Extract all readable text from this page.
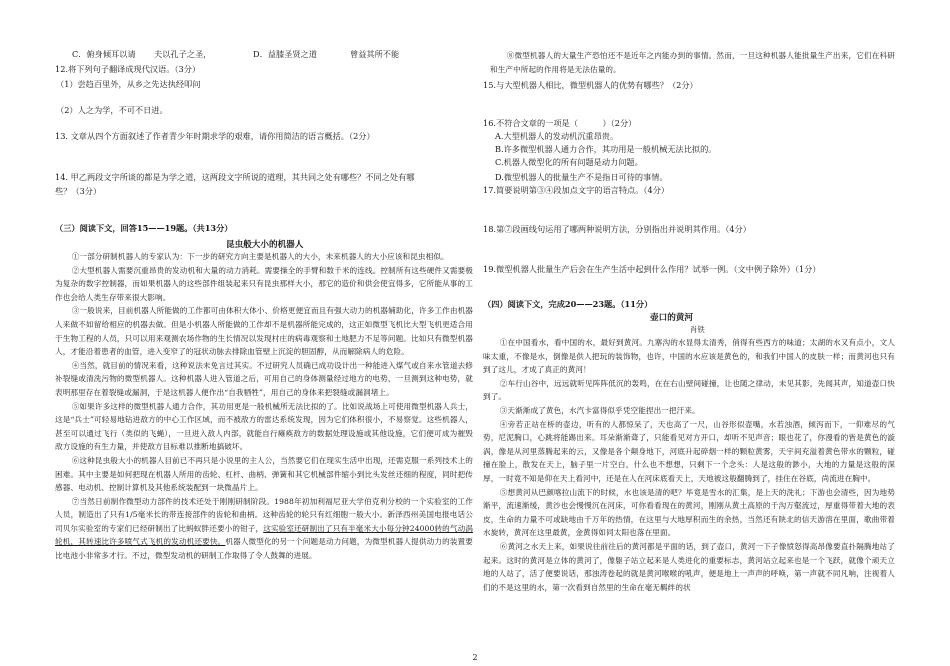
C．俯身倾耳以请 夫以孔子之圣，	D．益膝圣贤之道	曾益其所不能
12.将下列句子翻译成现代汉语。（3分）
（1）尝趋百里外，从乡之先达执经叩问
（2）人之为学，不可不日进。
13. 文章从四个方面叙述了作者青少年时期求学的艰难，请你用简洁的语言概括。（2分）
14. 甲乙两段文字所谈的都是为学之道，这两段文字所说的道理，其共同之处有哪些？不同之处有哪
些？（3分）
（三）阅读下文，回答15——19题。（共13分）
昆虫般大小的机器人

①一部分研制机器人的专家认为：下一步的研究方向主要是机器人的大小，未来机器人的大小应该和昆虫相似。

②大型机器人需要沉重昂贵的发动机和大量的动力消耗。需要操全的手臂和数千米的连线。控制所有这些硬件又需要极为复杂的数字控制器，而如果机器人的这些部件组装起来只有昆虫那样大小，那它的造价和供会使宜得多，它所能从事的工作也会给人类生存带来很大影响。

③一般说来，目前机器人所能做的工作都可由体积大体小、价格更便宜而且有强大动力的机器辅助化，许多工作由机器人来做不如留给相应的机器去做。但是小机器人所能做的工作却不是机器所能完成的，这正如微型飞机比大型飞机更适合用于生物工程的人员，只可以用来观测农场作物的生长情况以发现村庄的病毒观察和土地肥力不足等问题。比如只有微型机器人，才能沿着患者的血管，进入变窄了的冠状动脉去排除血管壁上沉淀的胆固醇，从而解除病人的危险。

④当然，就目前的情况来看，这种说法未免言过其实。不过研究人员确已成功设计出一种能进入煤气或自来水管道去修补裂缝或清洗污物的微型机器人。这种机器人进入管道之后，可用自己的身体测量经过地方的电势，一旦测到这种电势，就表明那里存在着裂缝或漏洞，于是这机器人便作出“自我牺牲”，用自己的身体来把裂缝或漏洞堵上。

⑤如果许多这样的微型机器人通力合作，其功用更是一般机械所无法比拟的了。比如说战场上可使用微型机器人兵士，这是“兵士”可轻易地钻进敌方的中心工作区域，而不被敌方的雷达系统发现，因为它们体积很小，不易察觉。这些机器人，甚至可以通过飞行（类似的飞蝇），一旦进入敌人内部，就能自行瘫痪敌方的数据处理设施或其他设施，它们便可成为摧毁敌方设施的有生力量，并使敌方目标难以推断地搞破坏。

⑥这种昆虫般大小的机器人目前已不再只是小说里的主人公，当然要它们在现实生活中出现，还需克服一系列技术上的困难。其中主要是如何把现在机器人所用的齿轮、杠杆、曲柄、弹簧和其它机械部件缩小到比头发丝还细的程度，同时把传感器、电动机、控制计算机及其他系统装配到一块微晶片上。

⑦当然日前制作微型动力部件的技术还处于刚刚研制阶段。1988年初加利福尼亚大学伯克利分校的一个实验室的工作人员，制造出了只有1/5毫米长的带连接部件的齿轮和曲柄。这种齿轮的轮只有红细胞一般大小。新泽西州美国电报电话公司贝尔实验室的专家们已经研制出了比蚂蚁胖还要小的钳子，这实验室还研制出了只有半毫米大小每分钟24000转的气动涡轮机，其转速比许多喷气式飞机的发动机还要快。机器人微型化的另一个问题是动力问题，为微型机器人提供动力的装置要比电池小非常多才行。不过，微型发动机的研制工作取得了令人鼓舞的进展。

⑧微型机器人的大量生产恐怕还不是近年之内能办到的事情。然而，一旦这种机器人能批量生产出来，它们在科研和生产中所起的作用将是无法估量的。

15.与大型机器人相比，微型机器人的优势有哪些？（2分）
16.不符合文章的一项是（　　　）（2分）
A.大型机器人的发动机沉重昂贵。
B.许多微型机器人通力合作，其功用是一般机械无法比拟的。
C.机器人微型化的所有问题是动力问题。
D.微型机器人的批量生产不是指日可待的事情。
17.简要说明第③④段加点文字的语言特点。（4分）
18.第⑦段画线句运用了哪两种说明方法，分别指出并说明其作用。（4分）
19.微型机器人批量生产后会在生产生活中起到什么作用？试举一例。（文中例子除外）（1分）
（四）阅读下文，完成20——23题。（11分）
壶口的黄河
肖铁

①在中国看水，看中国的水，最好到黄河。九寨沟的水显得太清秀，俏得有些西方的味道；太湖的水又有点小，文人味太重，不像是水，倒像是供人把玩的装饰物，也许，中国的水应该是黄色的，和我们中国人的皮肤一样；而黄河也只有到了这儿，才成了真正的黄河！

②车行山谷中，远远就听见阵阵低沉的轰鸣，在在右山壁间碰撞，让也随之律动，未见其影，先闻其声，知道壶口快到了。

③天渐渐成了黄色，水汽卡富得似乎凭空能捏出一把汗来。

④旁若正站在桥的壶边，听有的人都惊呆了，天也高了一尺，山谷形似壶嘴，水若浊酒，倾泻而下，一仰难尽的气势，尼泥胸口，心跳将能踢出来。耳朵渐渐聋了，只能看见对方开口，却听不见声音；眼也花了，你漫看的皆是黄色的漩涡，像是从河里蒸腾起来的云，又像是各个颠身地下，河底升起碎烟一样的颗粒黄雾，天宇间充溢着黄色带水的颗粒，碰撞在脸上，散发在天上，脑子里一片空白，什么也不想想，只剩下一个念头：人是这般的渺小，大地的力量是这般的深厚，一时竟不知是仰在天上看河中，还是在人在河床底看天上，天地被这般翻腾到了，挂住在谷底，尚流进在胸中。

⑤想黄河从巴颜喀拉山流下的时候，水也该是清的吧？毕竟是雪水的汇集，是上天的洗礼；下游也会清些，因为地势渐平，流速渐缓，黄沙也会慢慢沉在河床，可你看看现在的黄河，刚刚从黄土高原的千沟万壑流过，厚重得带着大地的表皮，生命的力量不可或缺地由千万年的热情，在这里与大地厚积而生的余热，当然还有陕北的信天游溶在里面，歌曲带着水旋转，黄河在这里最黄，金黄得如同太阳也落在里面。

⑥黄河之水天上来，如果说往前往后的黄河都是平面的话，到了壶口，黄河一下子像愤怒得高昂像要直扑隔腾地站了起来。这时的黄河是立体的黄河了，像躯子站立起来是人类进化的重要标志，黄河站立起来也是一个飞跃，就像个顽天立地的人站了，活了便要说话，那浊涛卷起的就是黄河喉喉的吼声，便是地上一声声的呼唤，第一声就不同凡响，注视着人们的不是这里的水，第一次看到自然里的生命在毫无羁绊的状

2
